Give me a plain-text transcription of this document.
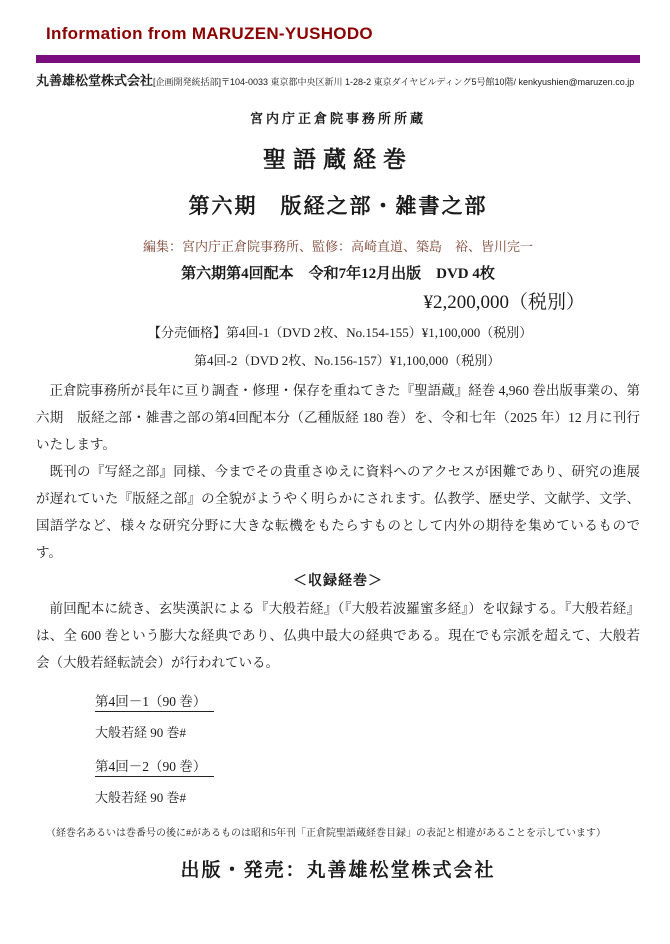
Information from MARUZEN-YUSHODO
丸善雄松堂株式会社[企画開発統括部]〒104-0033 東京都中央区新川 1-28-2 東京ダイヤビルディング5号館10階/ kenkyushien@maruzen.co.jp
宮内庁正倉院事務所所蔵
聖語蔵経巻
第六期　版経之部・雑書之部
編集：宮内庁正倉院事務所、監修：高崎直道、築島　裕、皆川完一
第六期第4回配本　令和7年12月出版　DVD 4枚
¥2,200,000（税別）
【分売価格】第4回-1（DVD 2枚、No.154-155）¥1,100,000（税別）
第4回-2（DVD 2枚、No.156-157）¥1,100,000（税別）

正倉院事務所が長年に亘り調査・修理・保存を重ねてきた『聖語蔵』経巻 4,960 巻出版事業の、第六期　版経之部・雑書之部の第4回配本分（乙種版経 180 巻）を、令和七年（2025 年）12 月に刊行いたします。

既刊の『写経之部』同様、今までその貴重さゆえに資料へのアクセスが困難であり、研究の進展が遅れていた『版経之部』の全貌がようやく明らかにされます。仏教学、歴史学、文献学、文学、国語学など、様々な研究分野に大きな転機をもたらすものとして内外の期待を集めているものです。

＜収録経巻＞

前回配本に続き、玄奘漢訳による『大般若経』（『大般若波羅蜜多経』）を収録する。『大般若経』は、全 600 巻という膨大な経典であり、仏典中最大の経典である。現在でも宗派を超えて、大般若会（大般若経転読会）が行われている。

第4回－1（90 巻）
大般若経 90 巻#
第4回－2（90 巻）
大般若経 90 巻#

（経巻名あるいは巻番号の後に#があるものは昭和5年刊「正倉院聖語蔵経巻目録」の表記と相違があることを示しています）

出版・発売：丸善雄松堂株式会社
